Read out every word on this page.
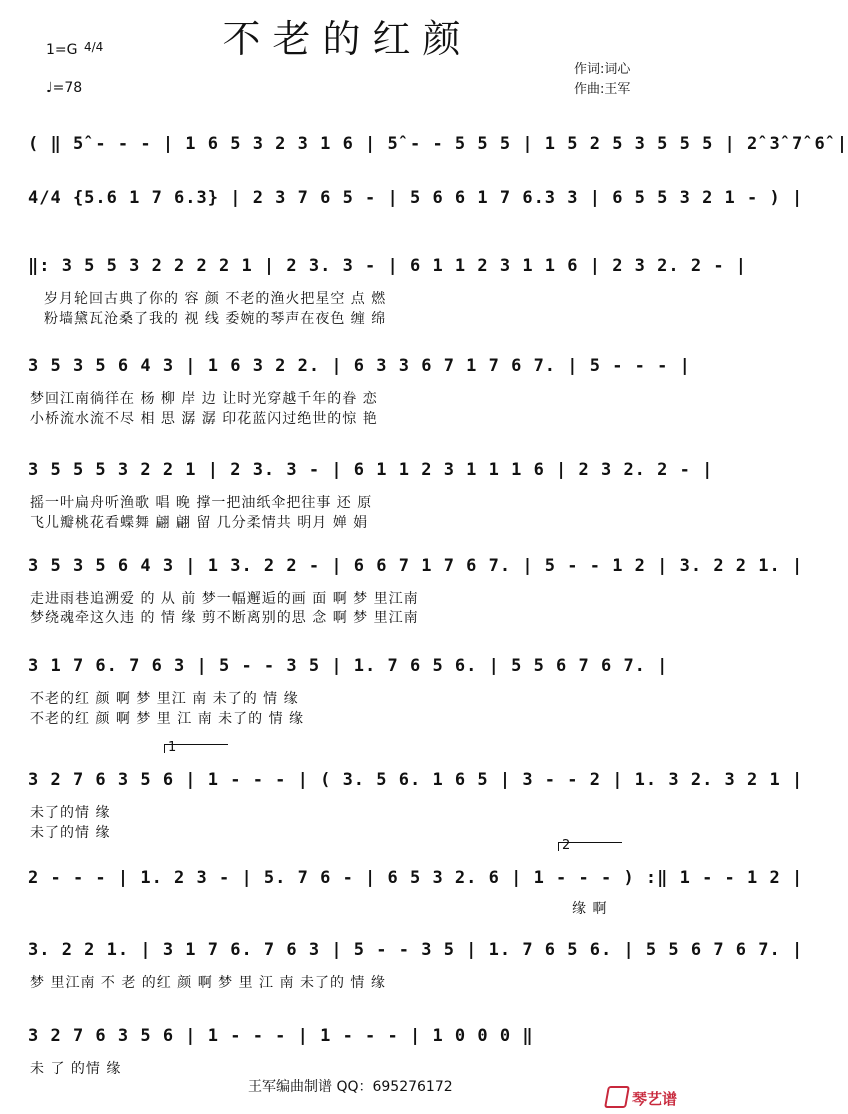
不老的红颜
1=G 4/4
♩=78
作词:词心
作曲:王军
( ‖ 5̂ - - - | 1 6 5 3 2 3 1 6 | 5̂ - - 5 5 5 | 1 5 2 5 3 5 5 5 | 2̂ 3̂ 7̂ 6̂ |
4/4 {5.6 1 7 6.3} | 2 3 7 6 5 - | 5 6 6 1 7 6.3 3 | 6 5 5 3 2 1 - ) |
‖: 3 5 5 3 2 2 2 2 1 | 2 3. 3 - | 6 1 1 2 3 1 1 6 | 2 3 2. 2 - |
岁月轮回古典了你的 容 颜 不老的渔火把星空 点 燃
粉墙黛瓦沧桑了我的 视 线 委婉的琴声在夜色 缠 绵
3 5 3 5 6 4 3 | 1 6 3 2 2. | 6 3 3 6 7 1 7 6 7. | 5 - - - |
梦回江南徜徉在 杨 柳 岸 边 让时光穿越千年的眷 恋
小桥流水流不尽 相 思 潺 潺 印花蓝闪过绝世的惊 艳
3 5 5 5 3 2 2 1 | 2 3. 3 - | 6 1 1 2 3 1 1 1 6 | 2 3 2. 2 - |
摇一叶扁舟听渔歌 唱 晚 撑一把油纸伞把往事 还 原
飞儿瓣桃花看蝶舞 翩 翩 留 几分柔情共 明月 婵 娟
3 5 3 5 6 4 3 | 1 3. 2 2 - | 6 6 7 1 7 6 7. | 5 - - 1 2 | 3. 2 2 1. |
走进雨巷追溯爱 的 从 前 梦一幅邂逅的画 面 啊 梦 里江南
梦绕魂牵这久违 的 情 缘 剪不断离别的思 念 啊 梦 里江南
3 1 7 6. 7 6 3 | 5 - - 3 5 | 1. 7 6 5 6. | 5 5 6 7 6 7. |
不老的红 颜 啊 梦 里江 南 未了的 情 缘
不老的红 颜 啊 梦 里 江 南 未了的 情 缘
1
3 2 7 6 3 5 6 | 1 - - - | ( 3. 5 6. 1 6 5 | 3 - - 2 | 1. 3 2. 3 2 1 |
未了的情 缘
未了的情 缘
2
2 - - - | 1. 2 3 - | 5. 7 6 - | 6 5 3 2. 6 | 1 - - - ) :‖ 1 - - 1 2 |
缘 啊
3. 2 2 1. | 3 1 7 6. 7 6 3 | 5 - - 3 5 | 1. 7 6 5 6. | 5 5 6 7 6 7. |
梦 里江南 不 老 的红 颜 啊 梦 里 江 南 未了的 情 缘
3 2 7 6 3 5 6 | 1 - - - | 1 - - - | 1 0 0 0 ‖
未 了 的情 缘
王军编曲制谱 QQ：695276172
琴艺谱
